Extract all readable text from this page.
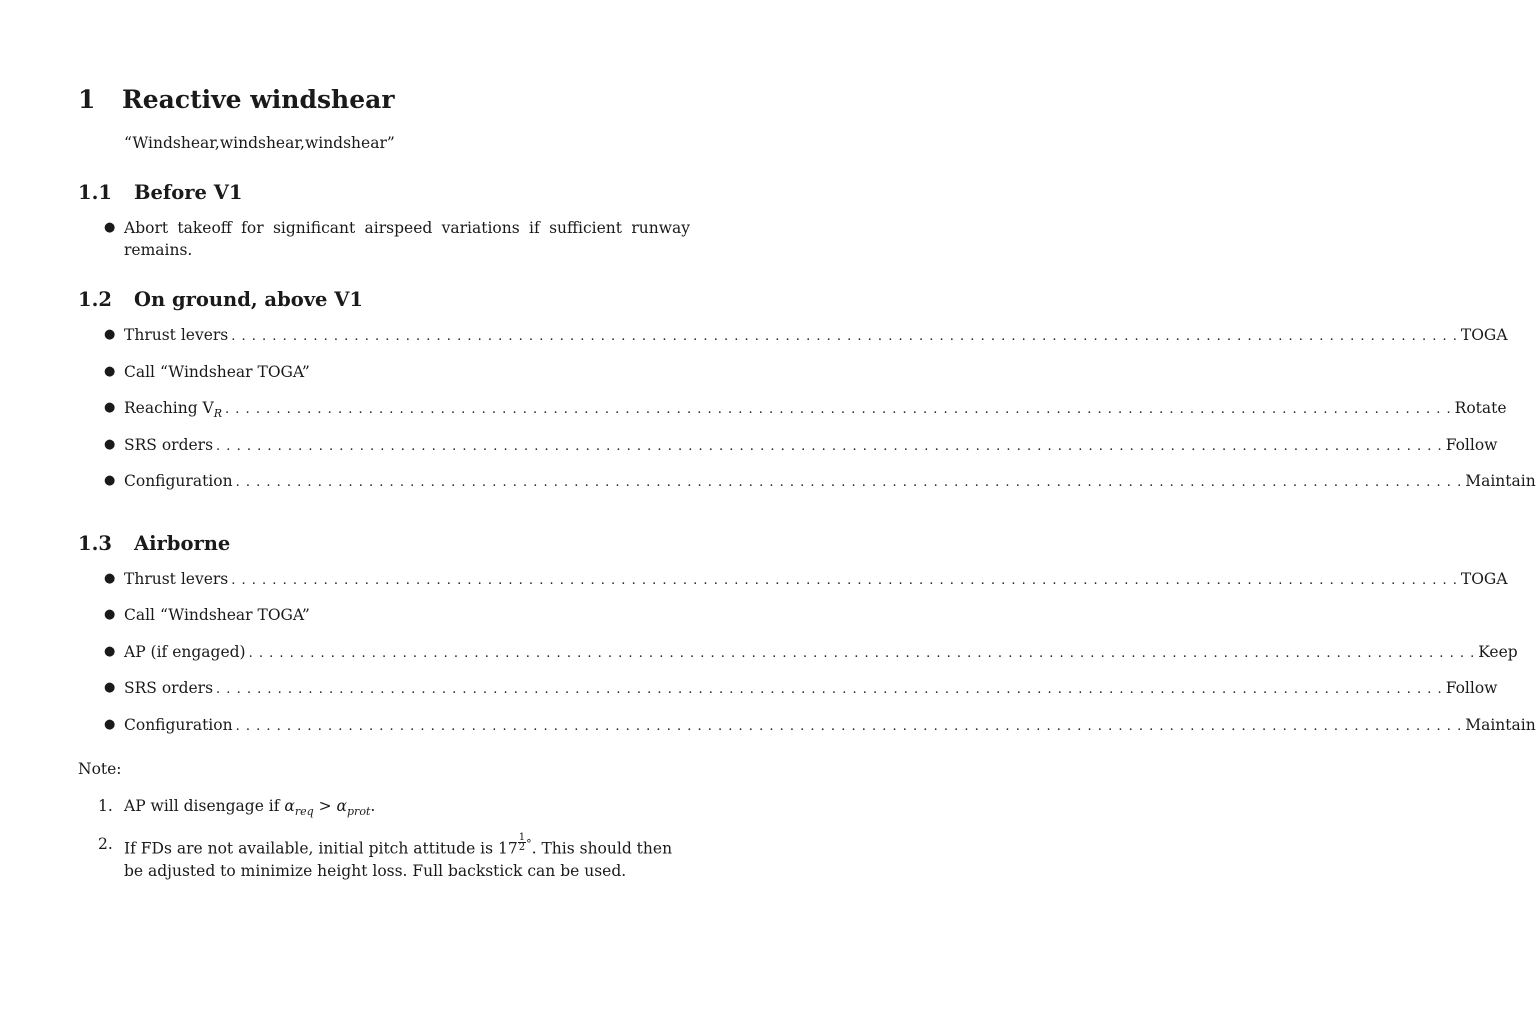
1 Reactive windshear
“Windshear,windshear,windshear”
1.1 Before V1
● Abort takeoff for significant airspeed variations if sufficient runway remains.
1.2 On ground, above V1
● Thrust levers . . . . . . . . . . . . . . . . . . . . . . . . . . . . . . . . . . . . . . . . . . . . . . . . . . . . . . . . . . . . . . . . . . . . . . . . . . . . . . . . . . . . . . . . . . . . . . . . . . . . . . . . . . . . . . . . . . . . . . . . TOGA
● Call “Windshear TOGA”
● Reaching $V_R$ . . . . . . . . . . . . . . . . . . . . . . . . . . . . . . . . . . . . . . . . . . . . . . . . . . . . . . . . . . . . . . . . . . . . . . . . . . . . . . . . . . . . . . . . . . . . . . . . . . . . . . . . . . . . . . . . . . . . . . . . Rotate
● SRS orders . . . . . . . . . . . . . . . . . . . . . . . . . . . . . . . . . . . . . . . . . . . . . . . . . . . . . . . . . . . . . . . . . . . . . . . . . . . . . . . . . . . . . . . . . . . . . . . . . . . . . . . . . . . . . . . . . . . . . . . . Follow
● Configuration . . . . . . . . . . . . . . . . . . . . . . . . . . . . . . . . . . . . . . . . . . . . . . . . . . . . . . . . . . . . . . . . . . . . . . . . . . . . . . . . . . . . . . . . . . . . . . . . . . . . . . . . . . . . . . . . . . . . . . . . Maintain
1.3 Airborne
● Thrust levers . . . . . . . . . . . . . . . . . . . . . . . . . . . . . . . . . . . . . . . . . . . . . . . . . . . . . . . . . . . . . . . . . . . . . . . . . . . . . . . . . . . . . . . . . . . . . . . . . . . . . . . . . . . . . . . . . . . . . . . . TOGA
● Call “Windshear TOGA”
● AP (if engaged) . . . . . . . . . . . . . . . . . . . . . . . . . . . . . . . . . . . . . . . . . . . . . . . . . . . . . . . . . . . . . . . . . . . . . . . . . . . . . . . . . . . . . . . . . . . . . . . . . . . . . . . . . . . . . . . . . . . . . . . . Keep
● SRS orders . . . . . . . . . . . . . . . . . . . . . . . . . . . . . . . . . . . . . . . . . . . . . . . . . . . . . . . . . . . . . . . . . . . . . . . . . . . . . . . . . . . . . . . . . . . . . . . . . . . . . . . . . . . . . . . . . . . . . . . . Follow
● Configuration . . . . . . . . . . . . . . . . . . . . . . . . . . . . . . . . . . . . . . . . . . . . . . . . . . . . . . . . . . . . . . . . . . . . . . . . . . . . . . . . . . . . . . . . . . . . . . . . . . . . . . . . . . . . . . . . . . . . . . . . Maintain
Note:
1. AP will disengage if $\alpha_{req} > \alpha_{prot}$.
2. If FDs are not available, initial pitch attitude is $17 \frac{1}{2} ^\circ$. This should then be adjusted to minimize height loss. Full backstick can be used.
